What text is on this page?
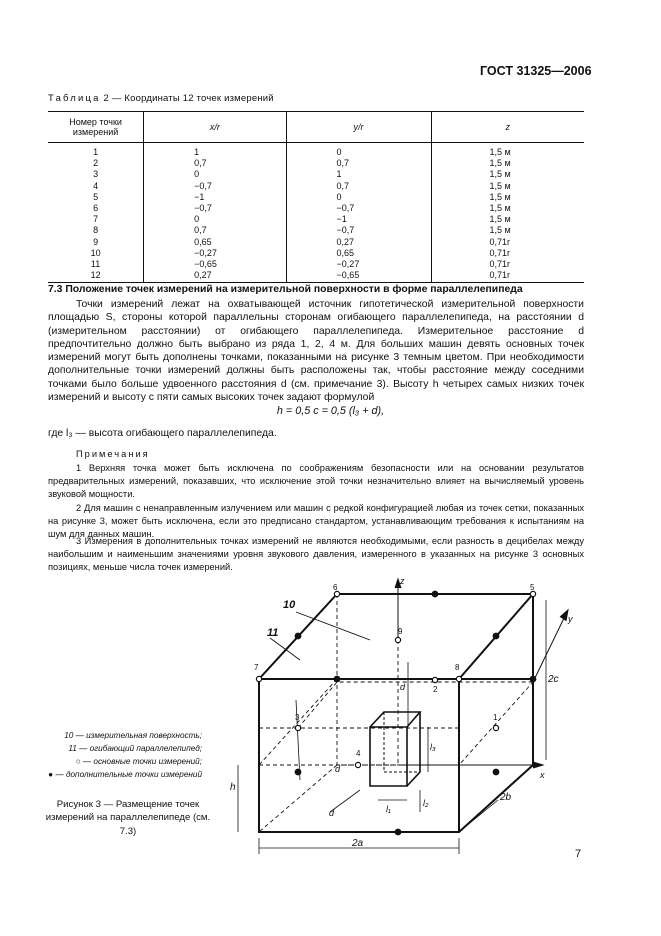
ГОСТ 31325—2006
Таблица 2 — Координаты 12 точек измерений
Номер точки измерений	x/r	y/r	z
1	1	0	1,5 м
2	0,7	0,7	1,5 м
3	0	1	1,5 м
4	−0,7	0,7	1,5 м
5	−1	0	1,5 м
6	−0,7	−0,7	1,5 м
7	0	−1	1,5 м
8	0,7	−0,7	1,5 м
9	0,65	0,27	0,71r
10	−0,27	0,65	0,71r
11	−0,65	−0,27	0,71r
12	0,27	−0,65	0,71r
7.3 Положение точек измерений на измерительной поверхности в форме параллелепипеда
Точки измерений лежат на охватывающей источник гипотетической измерительной поверхности площадью S, стороны которой параллельны сторонам огибающего параллелепипеда, на расстоянии d (измерительном расстоянии) от огибающего параллелепипеда. Измерительное расстояние d предпочтительно должно быть выбрано из ряда 1, 2, 4 м. Для больших машин девять основных точек измерений могут быть дополнены точками, показанными на рисунке 3 темным цветом. При необходимости дополнительные точки измерений должны быть расположены так, чтобы расстояние между соседними точками было больше удвоенного расстояния d (см. примечание 3). Высоту h четырех самых низких точек измерений и высоту c пяти самых высоких точек задают формулой
h = 0,5 c = 0,5 (l₃ + d),
где l₃ — высота огибающего параллелепипеда.
Примечания
1 Верхняя точка может быть исключена по соображениям безопасности или на основании результатов предварительных измерений, показавших, что исключение этой точки незначительно влияет на вычисляемый уровень звуковой мощности.
2 Для машин с ненаправленным излучением или машин с редкой конфигурацией любая из точек сетки, показанных на рисунке 3, может быть исключена, если это предписано стандартом, устанавливающим требования к испытаниям на шум для данных машин.
3 Измерения в дополнительных точках измерений не являются необходимыми, если разность в децибелах между наибольшим и наименьшим значениями уровня звукового давления, измеренного в указанных на рисунке 3 основных позициях, меньше числа точек измерений.
10 — измерительная поверхность;
11 — огибающий параллелепипед;
○ — основные точки измерений;
● — дополнительные точки измерений
Рисунок 3 — Размещение точек измерений на параллелепипеде (см. 7.3)
10
11
6	5
7	8
9
2
3	1
4
z
x
y
2a
2b
2c
h
d
d
d	l₁
l₂
l₃
7
